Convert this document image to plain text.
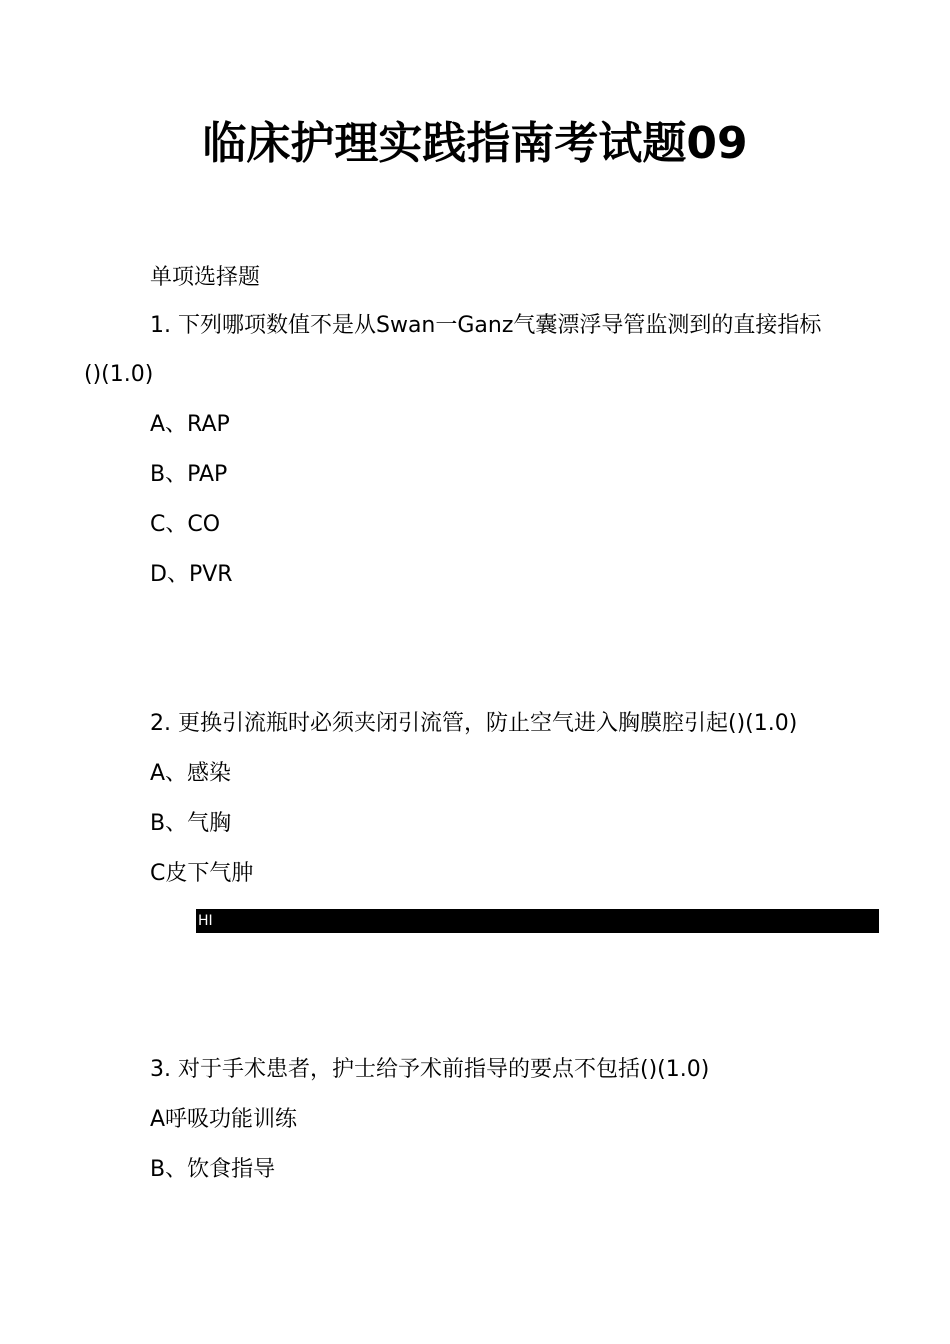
临床护理实践指南考试题09
单项选择题
1. 下列哪项数值不是从Swan一Ganz气囊漂浮导管监测到的直接指标
()(1.0)
A、RAP
B、PAP
C、CO
D、PVR
2. 更换引流瓶时必须夹闭引流管，防止空气进入胸膜腔引起()(1.0)
A、感染
B、气胸
C皮下气肿
HI
3. 对于手术患者，护士给予术前指导的要点不包括()(1.0)
A呼吸功能训练
B、饮食指导
